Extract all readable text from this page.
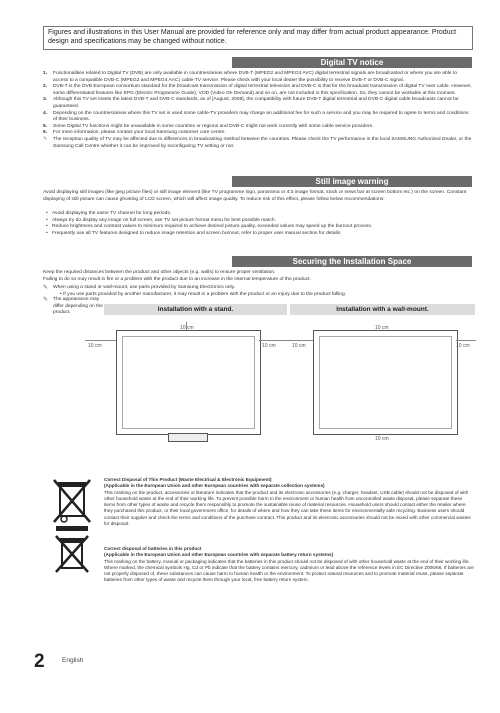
Figures and illustrations in this User Manual are provided for reference only and may differ from actual product appearance. Product design and specifications may be changed without notice.
Digital TV notice
1. Functionalities related to Digital TV (DVB) are only available in countries/areas where DVB-T (MPEG2 and MPEG4 AVC) digital terrestrial signals are broadcasted or where you are able to access to a compatible DVB-C (MPEG2 and MPEG4 AAC) cable-TV service. Please check with your local dealer the possibility to receive DVB-T or DVB-C signal.
2. DVB-T is the DVB European consortium standard for the broadcast transmission of digital terrestrial television and DVB-C is that for the broadcast transmission of digital TV over cable. However, some differentiated features like EPG (Electric Programme Guide), VOD (Video On Demand) and so on, are not included in this specification. So, they cannot be workable at this moment.
3. Although this TV set meets the latest DVB-T and DVB-C standards, as of [August, 2008], the compatibility with future DVB-T digital terrestrial and DVB-C digital cable broadcasts cannot be guaranteed.
4. Depending on the countries/areas where this TV set is used some cable-TV providers may charge an additional fee for such a service and you may be required to agree to terms and conditions of their business.
5. Some Digital TV functions might be unavailable in some countries or regions and DVB-C might not work correctly with some cable service providers.
6. For more information, please contact your local Samsung customer care centre.
✎ The reception quality of TV may be affected due to differences in broadcasting method between the countries. Please check the TV performance in the local SAMSUNG Authorized Dealer, or the Samsung Call Centre whether it can be improved by reconfiguring TV setting or not.
Still image warning
Avoid displaying still images (like jpeg picture files) or still image element (like TV programme logo, panorama or 4:3 image format, stock or news bar at screen bottom etc.) on the screen. Constant displaying of still picture can cause ghosting of LCD screen, which will affect image quality. To reduce risk of this effect, please follow below recommendations:
• Avoid displaying the same TV channel for long periods.
• Always try do display any image on full screen, use TV set picture format menu for best possible match.
• Reduce brightness and contrast values to minimum required to achieve desired picture quality, exceeded values may speed up the burnout process.
• Frequently use all TV features designed to reduce image retention and screen burnout, refer to proper user manual section for details.
Securing the Installation Space
Keep the required distances between the product and other objects (e.g. walls) to ensure proper ventilation.
Failing to do so may result in fire or a problem with the product due to an increase in the internal temperature of the product.
✎ When using a stand or wall-mount, use parts provided by Samsung Electronics only.
• If you use parts provided by another manufacturer, it may result in a problem with the product or an injury due to the product falling.
Installation with a stand.	Installation with a wall-mount.
✎ The appearance may differ depending on the product.
10 cm
10 cm	10 cm
10 cm
10 cm	10 cm
10 cm
Correct Disposal of This Product (Waste Electrical & Electronic Equipment)
(Applicable in the European Union and other European countries with separate collection systems)
This marking on the product, accessories or literature indicates that the product and its electronic accessories (e.g. charger, headset, USB cable) should not be disposed of with other household waste at the end of their working life. To prevent possible harm to the environment or human health from uncontrolled waste disposal, please separate these items from other types of waste and recycle them responsibly to promote the sustainable reuse of material resources. Household users should contact either the retailer where they purchased this product, or their local government office, for details of where and how they can take these items for environmentally safe recycling. Business users should contact their supplier and check the terms and conditions of the purchase contract. This product and its electronic accessories should not be mixed with other commercial wastes for disposal.
Correct disposal of batteries in this product
(Applicable in the European Union and other European countries with separate battery return systems)
This marking on the battery, manual or packaging indicates that the batteries in this product should not be disposed of with other household waste at the end of their working life. Where marked, the chemical symbols Hg, Cd or Pb indicate that the battery contains mercury, cadmium or lead above the reference levels in EC Directive 2006/66. If batteries are not properly disposed of, these substances can cause harm to human health or the environment. To protect natural resources and to promote material reuse, please separate batteries from other types of waste and recycle them through your local, free battery return system.
2	English
